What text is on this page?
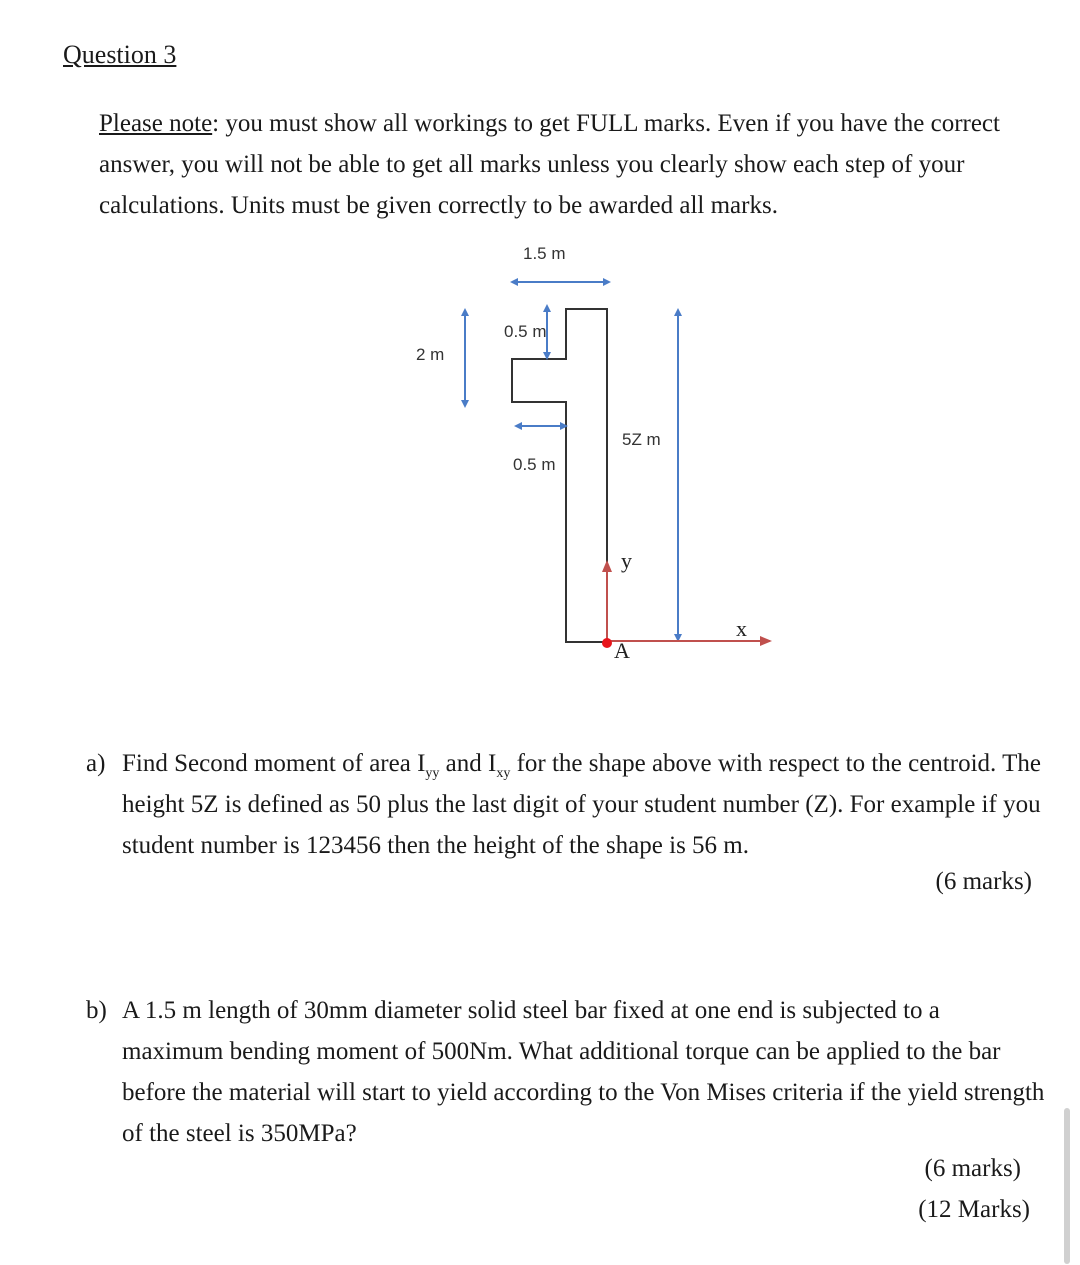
Question 3
Please note: you must show all workings to get FULL marks. Even if you have the correct answer, you will not be able to get all marks unless you clearly show each step of your calculations. Units must be given correctly to be awarded all marks.
1.5 m
2 m
0.5 m
0.5 m
5Z m
y
x
A
a) Find Second moment of area $I_{yy}$ and $I_{xy}$ for the shape above with respect to the centroid. The height 5Z is defined as 50 plus the last digit of your student number (Z). For example if you student number is 123456 then the height of the shape is 56 m.
(6 marks)
b) A 1.5 m length of 30mm diameter solid steel bar fixed at one end is subjected to a maximum bending moment of 500Nm. What additional torque can be applied to the bar before the material will start to yield according to the Von Mises criteria if the yield strength of the steel is 350MPa?
(6 marks)
(12 Marks)
